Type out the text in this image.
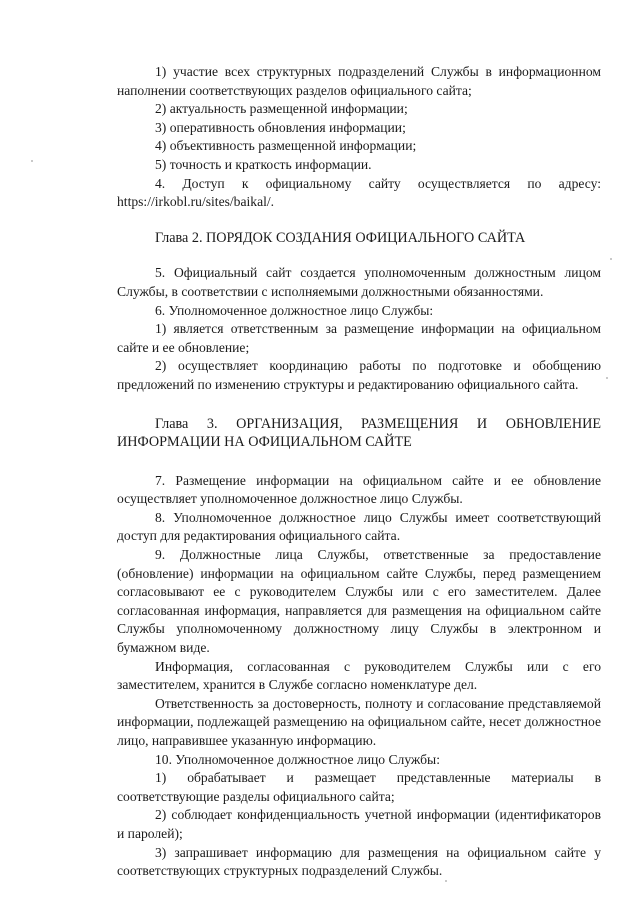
1) участие всех структурных подразделений Службы в информационном наполнении соответствующих разделов официального сайта;

2) актуальность размещенной информации;

3) оперативность обновления информации;

4) объективность размещенной информации;

5) точность и краткость информации.

4. Доступ к официальному сайту осуществляется по адресу: https://irkobl.ru/sites/baikal/.

Глава 2. ПОРЯДОК СОЗДАНИЯ ОФИЦИАЛЬНОГО САЙТА

5. Официальный сайт создается уполномоченным должностным лицом Службы, в соответствии с исполняемыми должностными обязанностями.

6. Уполномоченное должностное лицо Службы:

1) является ответственным за размещение информации на официальном сайте и ее обновление;

2) осуществляет координацию работы по подготовке и обобщению предложений по изменению структуры и редактированию официального сайта.

Глава 3. ОРГАНИЗАЦИЯ, РАЗМЕЩЕНИЯ И ОБНОВЛЕНИЕ ИНФОРМАЦИИ НА ОФИЦИАЛЬНОМ САЙТЕ

7. Размещение информации на официальном сайте и ее обновление осуществляет уполномоченное должностное лицо Службы.

8. Уполномоченное должностное лицо Службы имеет соответствующий доступ для редактирования официального сайта.

9. Должностные лица Службы, ответственные за предоставление (обновление) информации на официальном сайте Службы, перед размещением согласовывают ее с руководителем Службы или с его заместителем. Далее согласованная информация, направляется для размещения на официальном сайте Службы уполномоченному должностному лицу Службы в электронном и бумажном виде.

Информация, согласованная с руководителем Службы или с его заместителем, хранится в Службе согласно номенклатуре дел.

Ответственность за достоверность, полноту и согласование представляемой информации, подлежащей размещению на официальном сайте, несет должностное лицо, направившее указанную информацию.

10. Уполномоченное должностное лицо Службы:

1) обрабатывает и размещает представленные материалы в соответствующие разделы официального сайта;

2) соблюдает конфиденциальность учетной информации (идентификаторов и паролей);

3) запрашивает информацию для размещения на официальном сайте у соответствующих структурных подразделений Службы.
